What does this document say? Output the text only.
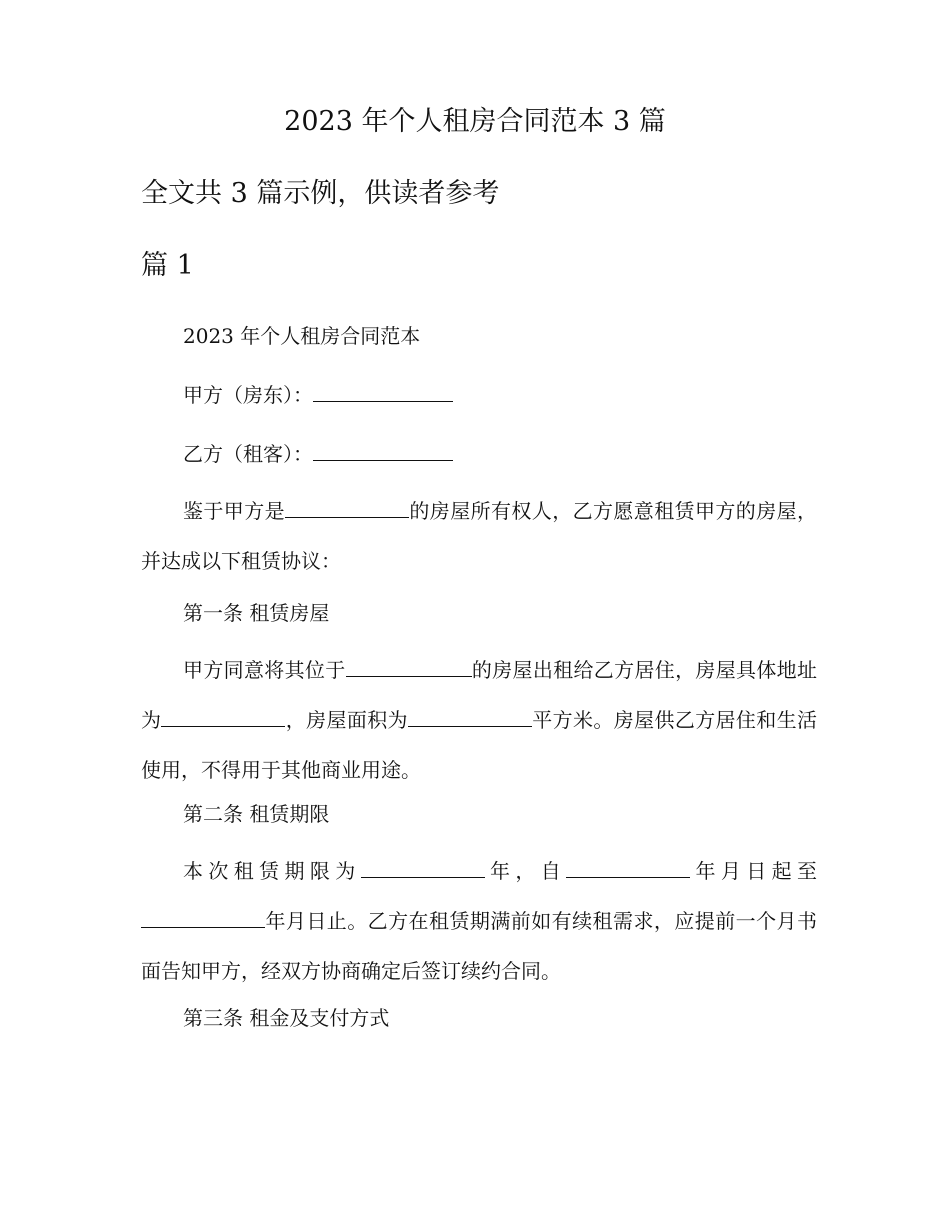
2023 年个人租房合同范本 3 篇
全文共 3 篇示例，供读者参考
篇 1
2023 年个人租房合同范本
甲方（房东）：
乙方（租客）：
鉴于甲方是	的房屋所有权人，乙方愿意租赁甲方的房屋，并达成以下租赁协议：
第一条 租赁房屋
甲方同意将其位于	的房屋出租给乙方居住，房屋具体地址为	，房屋面积为	平方米。房屋供乙方居住和生活使用，不得用于其他商业用途。
第二条 租赁期限
本次租赁期限为	年，自	年月日起至年月日止。乙方在租赁期满前如有续租需求，应提前一个月书面告知甲方，经双方协商确定后签订续约合同。
第三条 租金及支付方式
